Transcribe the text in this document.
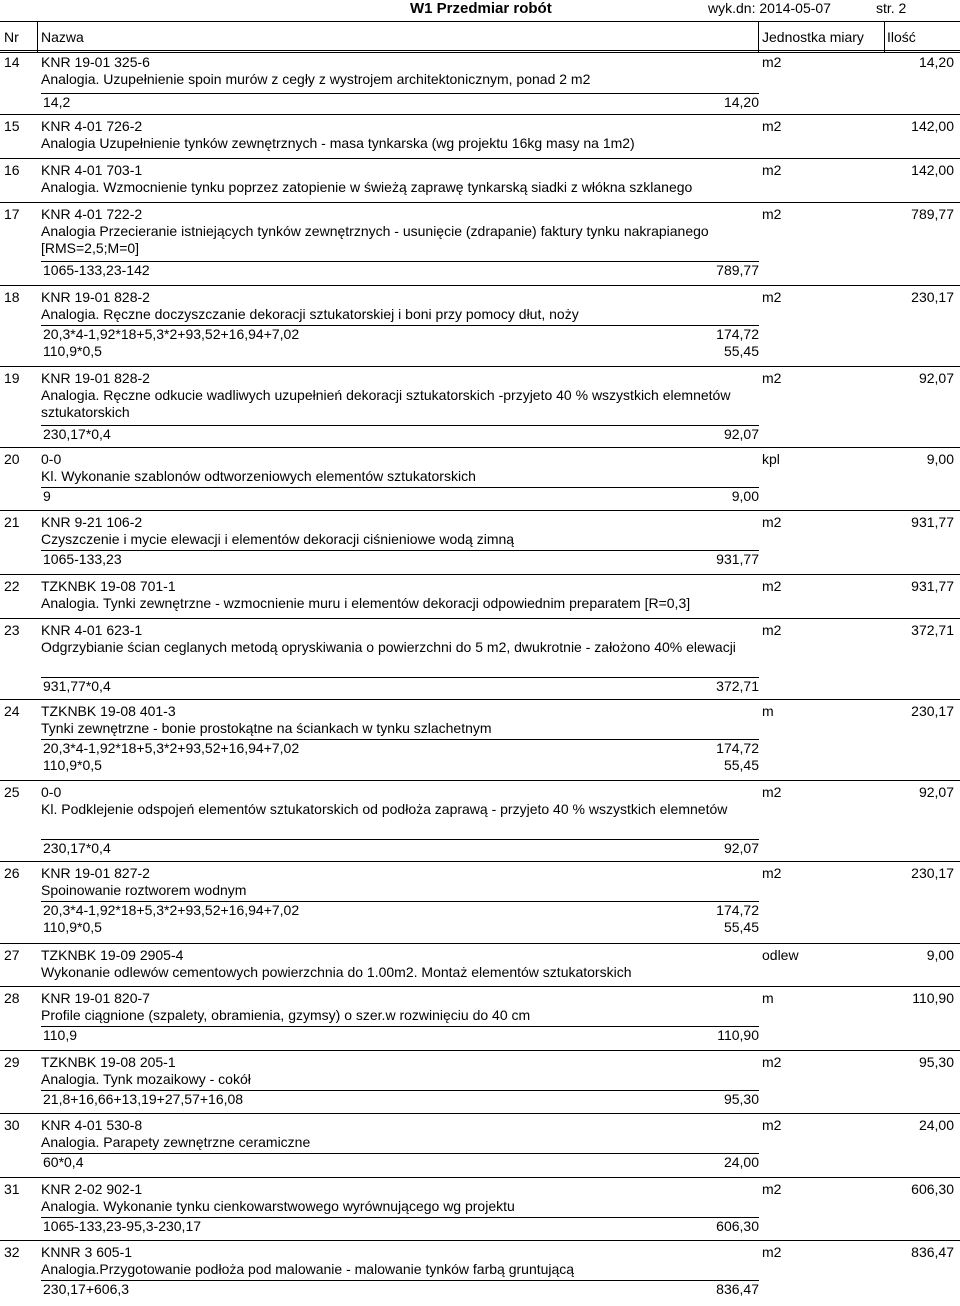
W1 Przedmiar robót	wyk.dn: 2014-05-07	str. 2
Nr Nazwa	Jednostka miary Ilość
14 KNR 19-01 325-6	m2	14,20
Analogia. Uzupełnienie spoin murów z cegły z wystrojem architektonicznym, ponad 2 m2
14,2	14,20
15 KNR 4-01 726-2	m2	142,00
Analogia Uzupełnienie tynków zewnętrznych - masa tynkarska (wg projektu 16kg masy na 1m2)
16 KNR 4-01 703-1	m2	142,00
Analogia. Wzmocnienie tynku poprzez zatopienie w świeżą zaprawę tynkarską siadki z włókna szklanego
17 KNR 4-01 722-2	m2	789,77
Analogia Przecieranie istniejących tynków zewnętrznych - usunięcie (zdrapanie) faktury tynku nakrapianego [RMS=2,5;M=0]
1065-133,23-142	789,77
18 KNR 19-01 828-2	m2	230,17
Analogia. Ręczne doczyszczanie dekoracji sztukatorskiej i boni przy pomocy dłut, noży
20,3*4-1,92*18+5,3*2+93,52+16,94+7,02	174,72
110,9*0,5	55,45
19 KNR 19-01 828-2	m2	92,07
Analogia. Ręczne odkucie wadliwych uzupełnień dekoracji sztukatorskich -przyjeto 40 % wszystkich elemnetów sztukatorskich
230,17*0,4	92,07
20 0-0	kpl	9,00
Kl. Wykonanie szablonów odtworzeniowych elementów sztukatorskich
9	9,00
21 KNR 9-21 106-2	m2	931,77
Czyszczenie i mycie elewacji i elementów dekoracji ciśnieniowe wodą zimną
1065-133,23	931,77
22 TZKNBK 19-08 701-1	m2	931,77
Analogia. Tynki zewnętrzne - wzmocnienie muru i elementów dekoracji odpowiednim preparatem [R=0,3]
23 KNR 4-01 623-1	m2	372,71
Odgrzybianie ścian ceglanych metodą opryskiwania o powierzchni do 5 m2, dwukrotnie - założono 40% elewacji
931,77*0,4	372,71
24 TZKNBK 19-08 401-3	m	230,17
Tynki zewnętrzne - bonie prostokątne na ściankach w tynku szlachetnym
20,3*4-1,92*18+5,3*2+93,52+16,94+7,02	174,72
110,9*0,5	55,45
25 0-0	m2	92,07
Kl. Podklejenie odspojeń elementów sztukatorskich od podłoża zaprawą - przyjeto 40 % wszystkich elemnetów
230,17*0,4	92,07
26 KNR 19-01 827-2	m2	230,17
Spoinowanie roztworem wodnym
20,3*4-1,92*18+5,3*2+93,52+16,94+7,02	174,72
110,9*0,5	55,45
27 TZKNBK 19-09 2905-4	odlew	9,00
Wykonanie odlewów cementowych powierzchnia do 1.00m2. Montaż elementów sztukatorskich
28 KNR 19-01 820-7	m	110,90
Profile ciągnione (szpalety, obramienia, gzymsy) o szer.w rozwinięciu do 40 cm
110,9	110,90
29 TZKNBK 19-08 205-1	m2	95,30
Analogia. Tynk mozaikowy - cokół
21,8+16,66+13,19+27,57+16,08	95,30
30 KNR 4-01 530-8	m2	24,00
Analogia. Parapety zewnętrzne ceramiczne
60*0,4	24,00
31 KNR 2-02 902-1	m2	606,30
Analogia. Wykonanie tynku cienkowarstwowego wyrównującego wg projektu
1065-133,23-95,3-230,17	606,30
32 KNNR 3 605-1	m2	836,47
Analogia.Przygotowanie podłoża pod malowanie - malowanie tynków farbą gruntującą
230,17+606,3	836,47
